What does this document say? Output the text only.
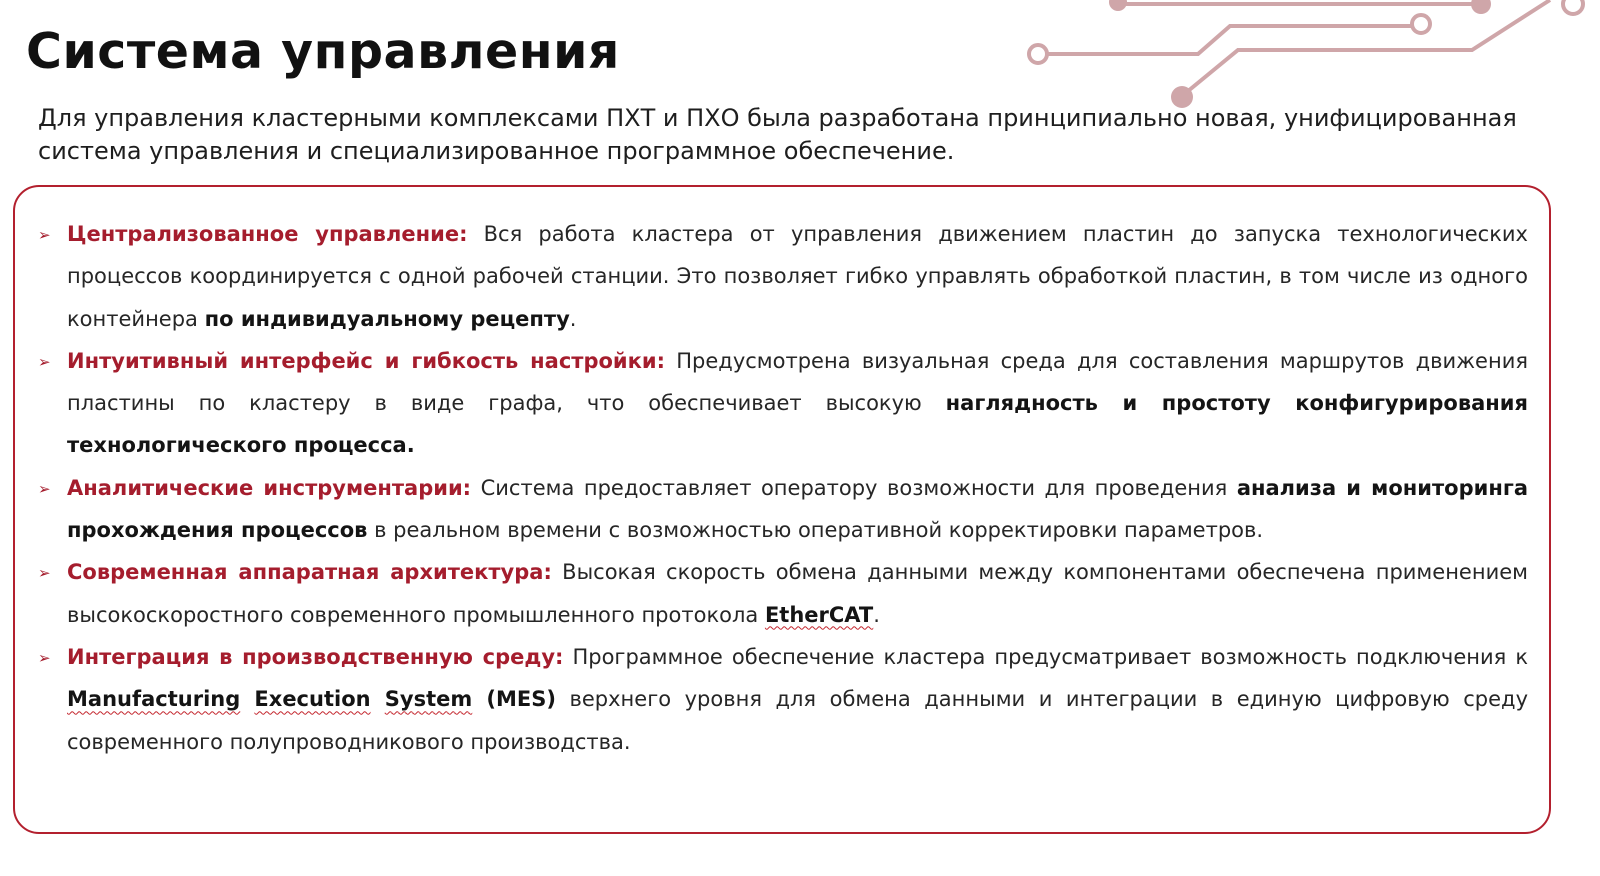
Система управления

Для управления кластерными комплексами ПХТ и ПХО была разработана принципиально новая, унифицированная система управления и специализированное программное обеспечение.

➢ Централизованное управление: Вся работа кластера от управления движением пластин до запуска технологических процессов координируется с одной рабочей станции. Это позволяет гибко управлять обработкой пластин, в том числе из одного контейнера по индивидуальному рецепту.
➢ Интуитивный интерфейс и гибкость настройки: Предусмотрена визуальная среда для составления маршрутов движения пластины по кластеру в виде графа, что обеспечивает высокую наглядность и простоту конфигурирования технологического процесса.
➢ Аналитические инструментарии: Система предоставляет оператору возможности для проведения анализа и мониторинга прохождения процессов в реальном времени с возможностью оперативной корректировки параметров.
➢ Современная аппаратная архитектура: Высокая скорость обмена данными между компонентами обеспечена применением высокоскоростного современного промышленного протокола EtherCAT.
➢ Интеграция в производственную среду: Программное обеспечение кластера предусматривает возможность подключения к Manufacturing Execution System (MES) верхнего уровня для обмена данными и интеграции в единую цифровую среду современного полупроводникового производства.
